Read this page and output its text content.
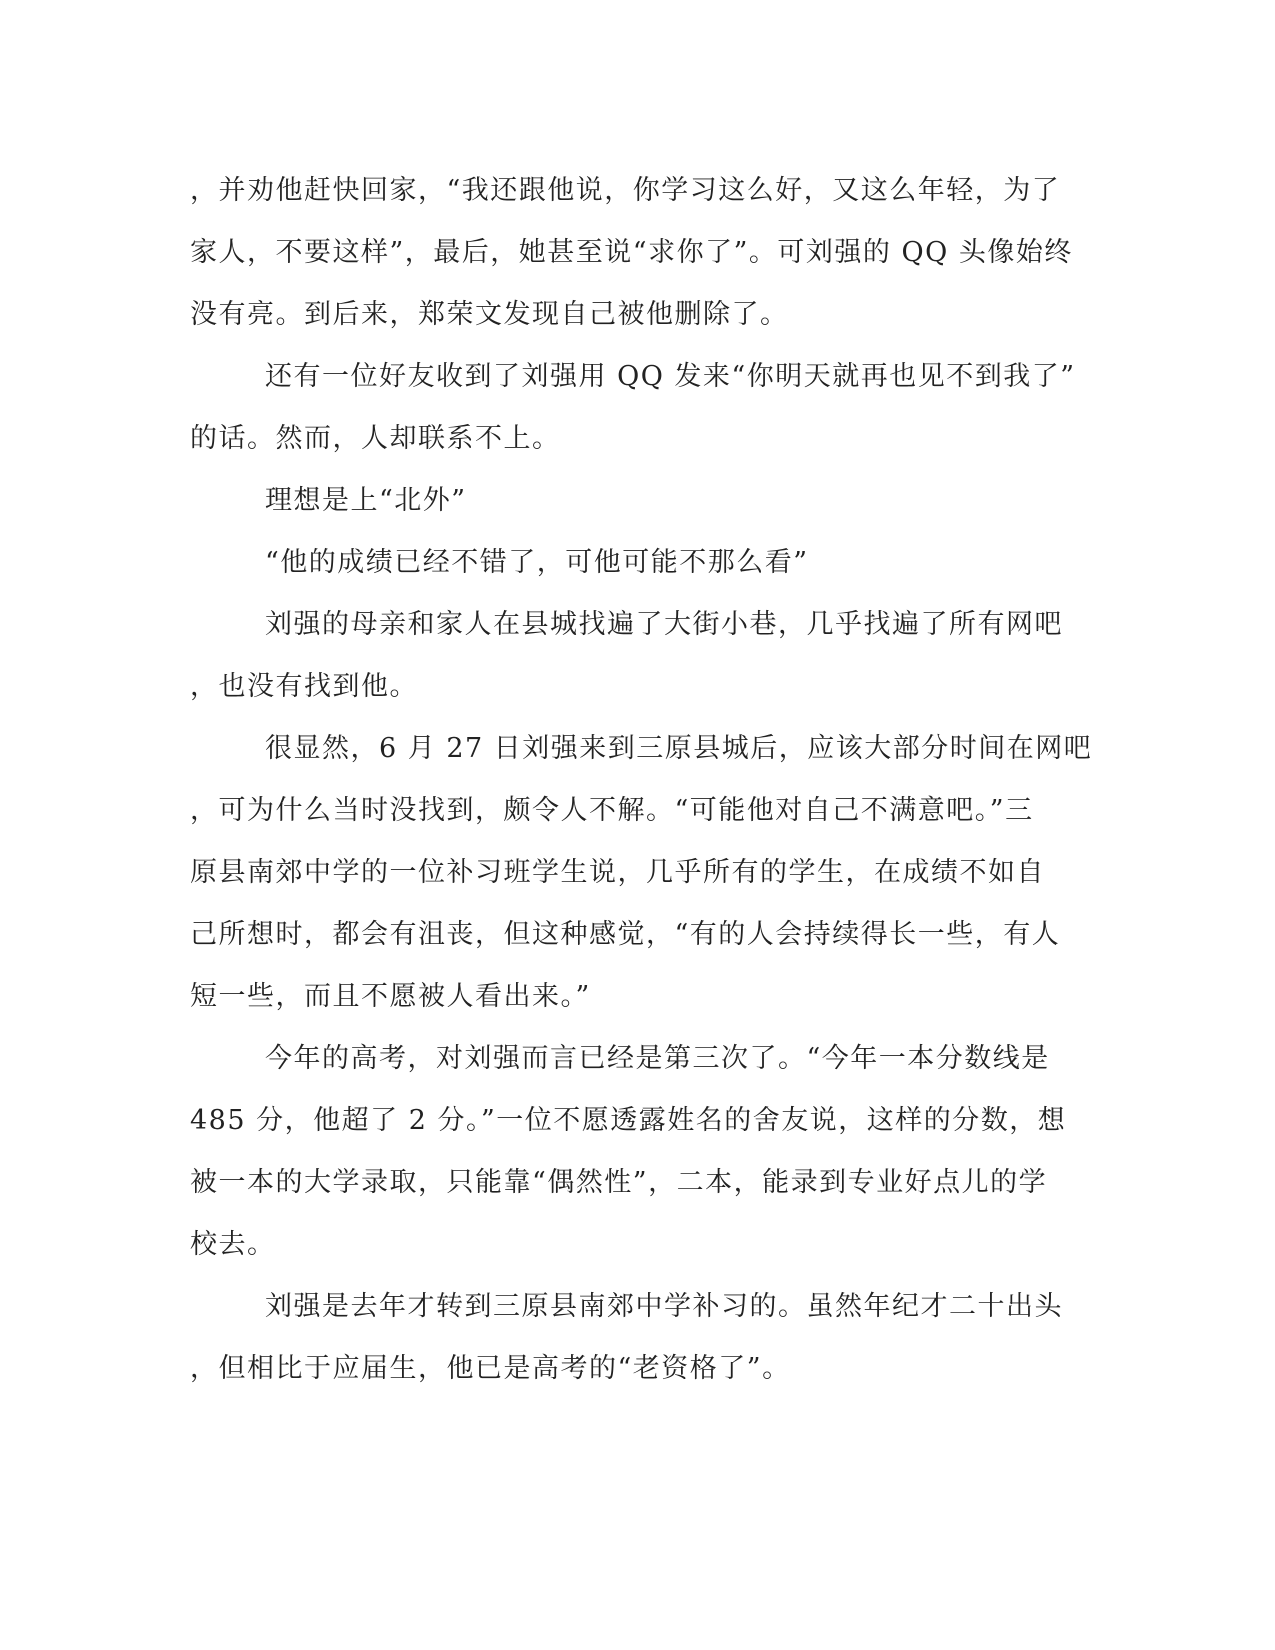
，并劝他赶快回家，“我还跟他说，你学习这么好，又这么年轻，为了
家人，不要这样”，最后，她甚至说“求你了”。可刘强的 QQ 头像始终
没有亮。到后来，郑荣文发现自己被他删除了。
还有一位好友收到了刘强用 QQ 发来“你明天就再也见不到我了”
的话。然而，人却联系不上。
理想是上“北外”
“他的成绩已经不错了，可他可能不那么看”
刘强的母亲和家人在县城找遍了大街小巷，几乎找遍了所有网吧
，也没有找到他。
很显然，6 月 27 日刘强来到三原县城后，应该大部分时间在网吧
，可为什么当时没找到，颇令人不解。“可能他对自己不满意吧。”三
原县南郊中学的一位补习班学生说，几乎所有的学生，在成绩不如自
己所想时，都会有沮丧，但这种感觉，“有的人会持续得长一些，有人
短一些，而且不愿被人看出来。”
今年的高考，对刘强而言已经是第三次了。“今年一本分数线是
485 分，他超了 2 分。”一位不愿透露姓名的舍友说，这样的分数，想
被一本的大学录取，只能靠“偶然性”，二本，能录到专业好点儿的学
校去。
刘强是去年才转到三原县南郊中学补习的。虽然年纪才二十出头
，但相比于应届生，他已是高考的“老资格了”。
